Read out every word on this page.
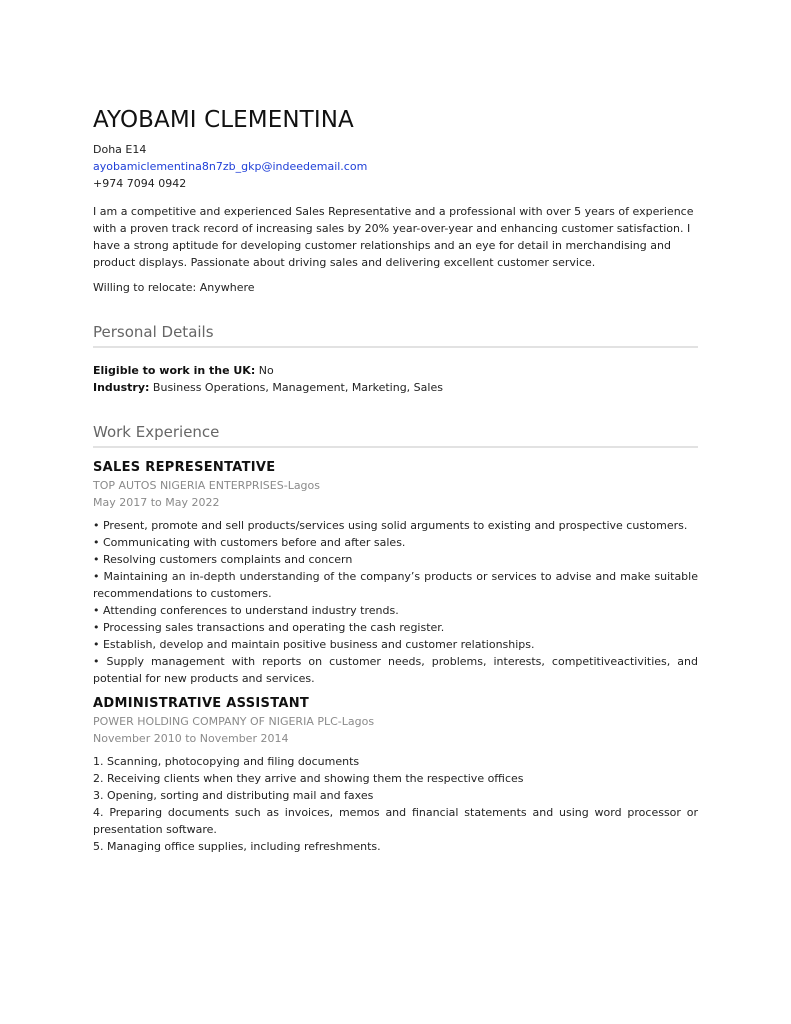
AYOBAMI CLEMENTINA
Doha E14
ayobamiclementina8n7zb_gkp@indeedemail.com
+974 7094 0942
I am a competitive and experienced Sales Representative and a professional with over 5 years of experience with a proven track record of increasing sales by 20% year-over-year and enhancing customer satisfaction. I have a strong aptitude for developing customer relationships and an eye for detail in merchandising and product displays. Passionate about driving sales and delivering excellent customer service.
Willing to relocate: Anywhere
Personal Details
Eligible to work in the UK: No
Industry: Business Operations, Management, Marketing, Sales
Work Experience
SALES REPRESENTATIVE
TOP AUTOS NIGERIA ENTERPRISES-Lagos
May 2017 to May 2022
• Present, promote and sell products/services using solid arguments to existing and prospective customers.
• Communicating with customers before and after sales.
• Resolving customers complaints and concern
• Maintaining an in-depth understanding of the company’s products or services to advise and make suitable recommendations to customers.
• Attending conferences to understand industry trends.
• Processing sales transactions and operating the cash register.
• Establish, develop and maintain positive business and customer relationships.
• Supply management with reports on customer needs, problems, interests, competitiveactivities, and potential for new products and services.
ADMINISTRATIVE ASSISTANT
POWER HOLDING COMPANY OF NIGERIA PLC-Lagos
November 2010 to November 2014
1. Scanning, photocopying and filing documents
2. Receiving clients when they arrive and showing them the respective offices
3. Opening, sorting and distributing mail and faxes
4. Preparing documents such as invoices, memos and financial statements and using word processor or presentation software.
5. Managing office supplies, including refreshments.
